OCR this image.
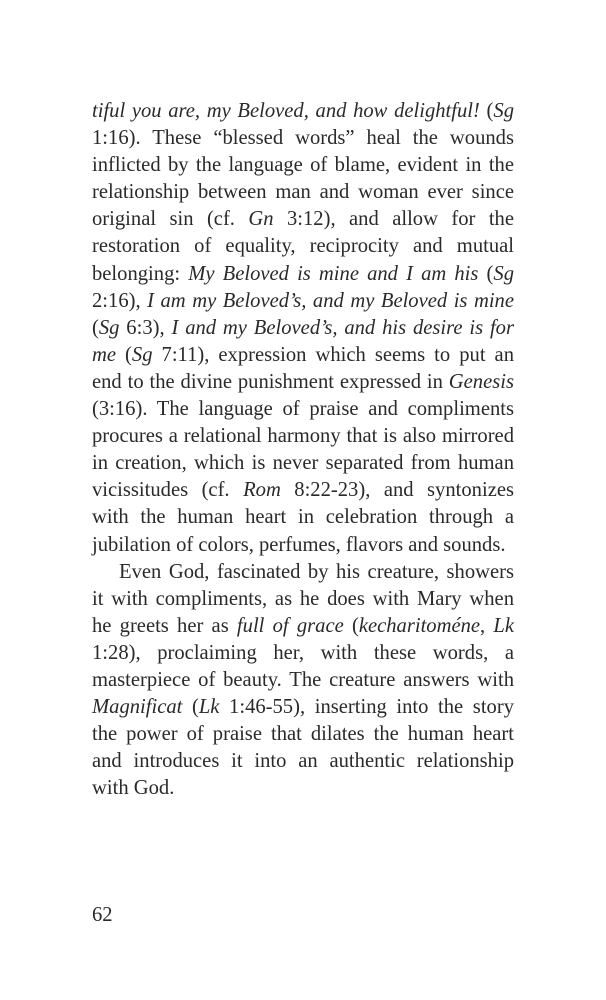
tiful you are, my Beloved, and how delightful! (Sg 1:16). These “blessed words” heal the wounds inflicted by the language of blame, evident in the relationship between man and woman ever since original sin (cf. Gn 3:12), and allow for the restoration of equality, reciprocity and mutual belonging: My Beloved is mine and I am his (Sg 2:16), I am my Beloved’s, and my Beloved is mine (Sg 6:3), I and my Beloved’s, and his desire is for me (Sg 7:11), expression which seems to put an end to the divine punishment expressed in Genesis (3:16). The language of praise and compliments procures a relational harmony that is also mirrored in creation, which is never separated from human vicissitudes (cf. Rom 8:22-23), and syntonizes with the human heart in celebration through a jubilation of colors, perfumes, flavors and sounds.

Even God, fascinated by his creature, showers it with compliments, as he does with Mary when he greets her as full of grace (kecharitoméne, Lk 1:28), proclaiming her, with these words, a masterpiece of beauty. The creature answers with Magnificat (Lk 1:46-55), inserting into the story the power of praise that dilates the human heart and introduces it into an authentic relationship with God.

62
